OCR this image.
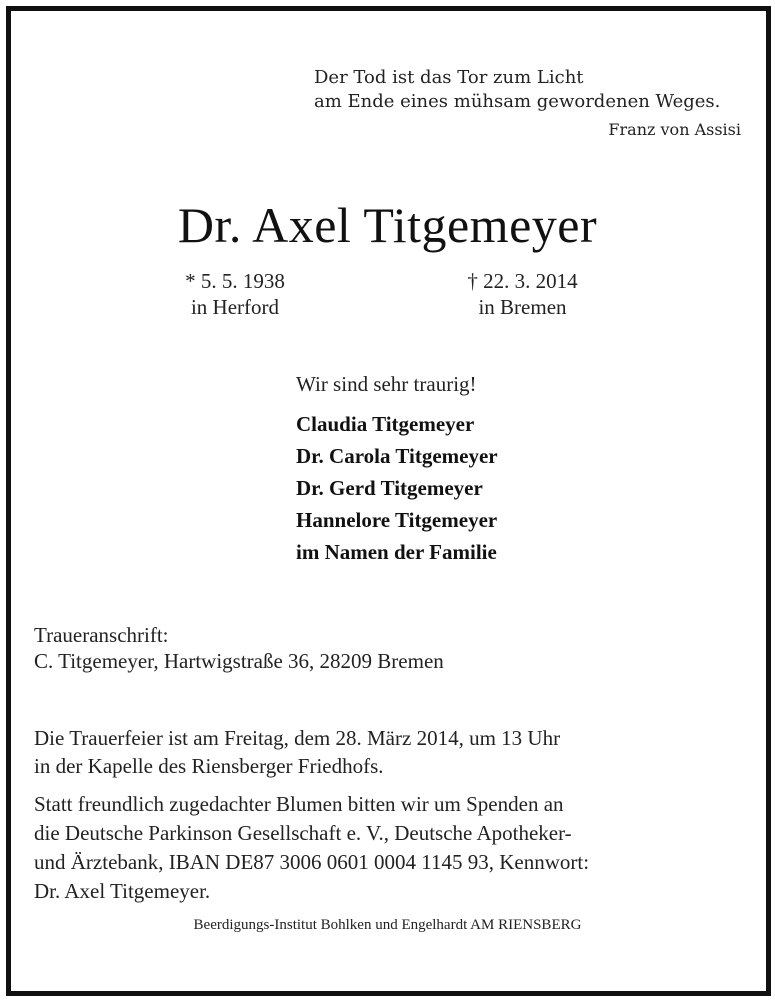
Der Tod ist das Tor zum Licht
am Ende eines mühsam gewordenen Weges.
Franz von Assisi
Dr. Axel Titgemeyer
* 5. 5. 1938
in Herford
† 22. 3. 2014
in Bremen
Wir sind sehr traurig!
Claudia Titgemeyer
Dr. Carola Titgemeyer
Dr. Gerd Titgemeyer
Hannelore Titgemeyer
im Namen der Familie
Traueranschrift:
C. Titgemeyer, Hartwigstraße 36, 28209 Bremen
Die Trauerfeier ist am Freitag, dem 28. März 2014, um 13 Uhr
in der Kapelle des Riensberger Friedhofs.
Statt freundlich zugedachter Blumen bitten wir um Spenden an
die Deutsche Parkinson Gesellschaft e. V., Deutsche Apotheker-
und Ärztebank, IBAN DE87 3006 0601 0004 1145 93, Kennwort:
Dr. Axel Titgemeyer.
Beerdigungs-Institut Bohlken und Engelhardt AM RIENSBERG
